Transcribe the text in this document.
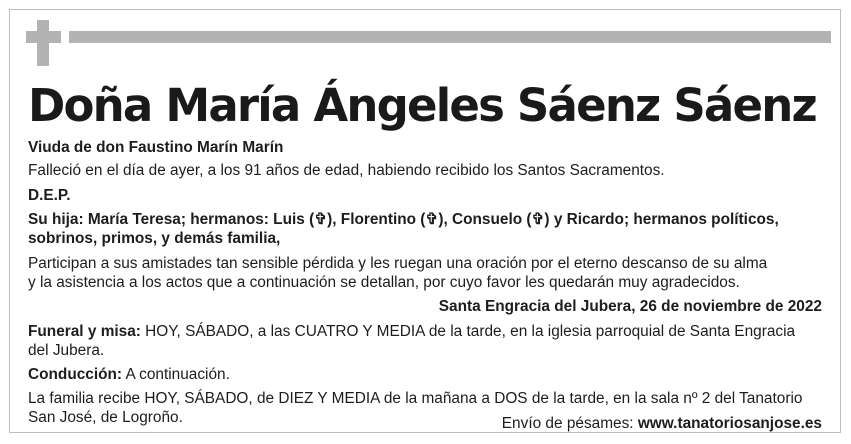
Doña María Ángeles Sáenz Sáenz
Viuda de don Faustino Marín Marín
Falleció en el día de ayer, a los 91 años de edad, habiendo recibido los Santos Sacramentos.
D.E.P.
Su hija: María Teresa; hermanos: Luis (✞), Florentino (✞), Consuelo (✞) y Ricardo; hermanos políticos,
sobrinos, primos, y demás familia,
Participan a sus amistades tan sensible pérdida y les ruegan una oración por el eterno descanso de su alma
y la asistencia a los actos que a continuación se detallan, por cuyo favor les quedarán muy agradecidos.
Santa Engracia del Jubera, 26 de noviembre de 2022
Funeral y misa: HOY, SÁBADO, a las CUATRO Y MEDIA de la tarde, en la iglesia parroquial de Santa Engracia
del Jubera.
Conducción: A continuación.
La familia recibe HOY, SÁBADO, de DIEZ Y MEDIA de la mañana a DOS de la tarde, en la sala nº 2 del Tanatorio
San José, de Logroño.	Envío de pésames: www.tanatoriosanjose.es
